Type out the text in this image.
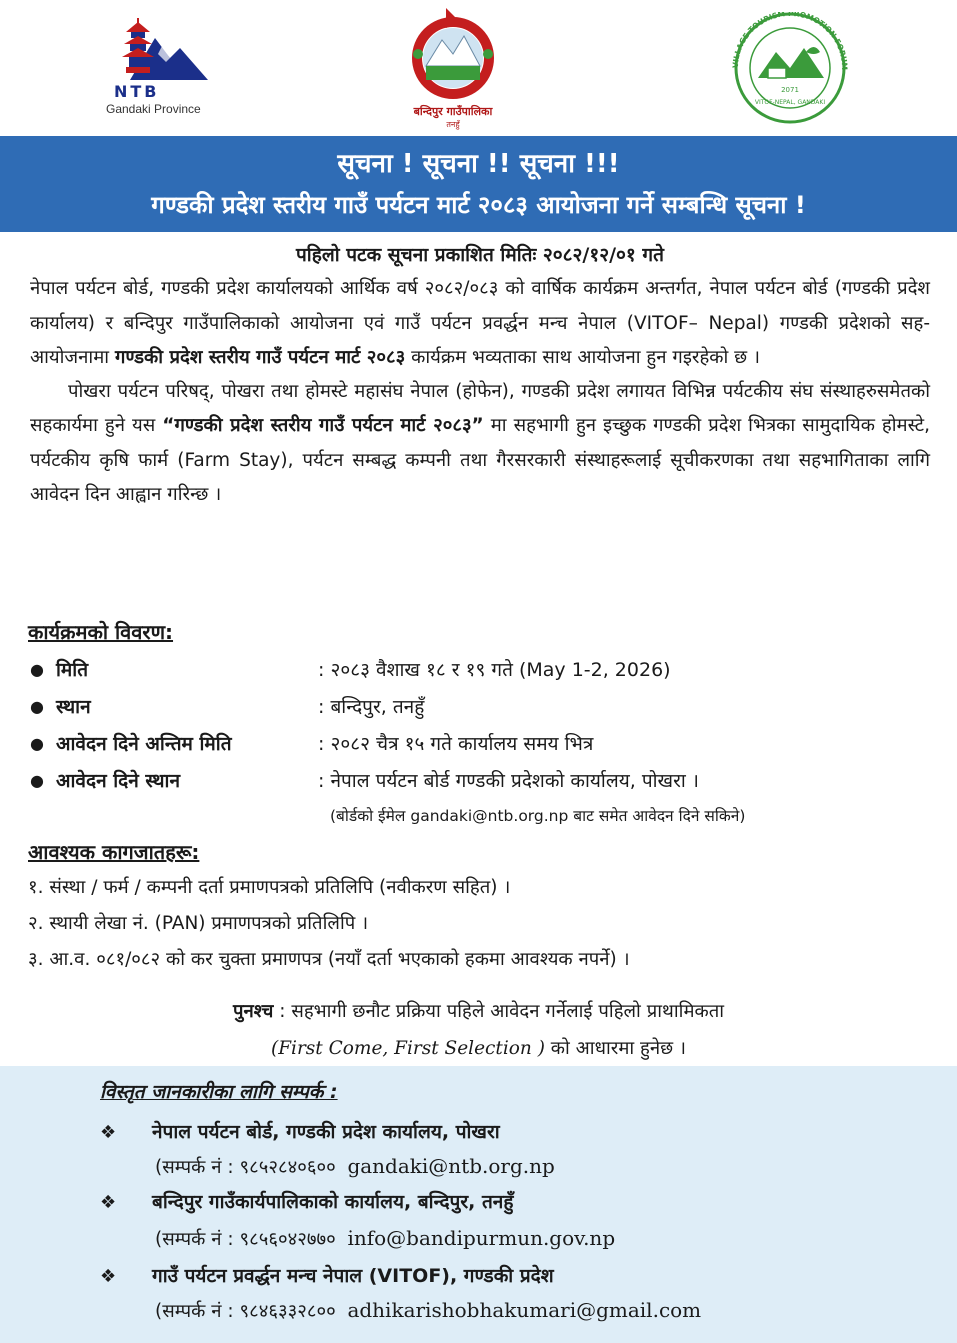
NTB
Gandaki Province	बन्दिपुर गाउँपालिका
तनहुँ
VILLAGE TOURISM PROMOTION FORUM
2071
VITOF-NEPAL, GANDAKI
सूचना ! सूचना !! सूचना !!!
गण्डकी प्रदेश स्तरीय गाउँ पर्यटन मार्ट २०८३ आयोजना गर्ने सम्बन्धि सूचना !
पहिलो पटक सूचना प्रकाशित मितिः २०८२/१२/०१ गते

नेपाल पर्यटन बोर्ड, गण्डकी प्रदेश कार्यालयको आर्थिक वर्ष २०८२/०८३ को वार्षिक कार्यक्रम अन्तर्गत, नेपाल पर्यटन बोर्ड (गण्डकी प्रदेश कार्यालय) र बन्दिपुर गाउँपालिकाको आयोजना एवं गाउँ पर्यटन प्रवर्द्धन मन्च नेपाल (VITOF– Nepal) गण्डकी प्रदेशको सह-आयोजनामा गण्डकी प्रदेश स्तरीय गाउँ पर्यटन मार्ट २०८३ कार्यक्रम भव्यताका साथ आयोजना हुन गइरहेको छ ।

पोखरा पर्यटन परिषद्, पोखरा तथा होमस्टे महासंघ नेपाल (होफेन), गण्डकी प्रदेश लगायत विभिन्न पर्यटकीय संघ संस्थाहरुसमेतको सहकार्यमा हुने यस “गण्डकी प्रदेश स्तरीय गाउँ पर्यटन मार्ट २०८३” मा सहभागी हुन इच्छुक गण्डकी प्रदेश भित्रका सामुदायिक होमस्टे, पर्यटकीय कृषि फार्म (Farm Stay), पर्यटन सम्बद्ध कम्पनी तथा गैरसरकारी संस्थाहरूलाई सूचीकरणका तथा सहभागिताका लागि आवेदन दिन आह्वान गरिन्छ ।

कार्यक्रमको विवरण:
● मिति	: २०८३ वैशाख १८ र १९ गते (May 1-2, 2026)
● स्थान	: बन्दिपुर, तनहुँ
● आवेदन दिने अन्तिम मिति	: २०८२ चैत्र १५ गते कार्यालय समय भित्र
● आवेदन दिने स्थान	: नेपाल पर्यटन बोर्ड गण्डकी प्रदेशको कार्यालय, पोखरा ।
(बोर्डको ईमेल gandaki@ntb.org.np बाट समेत आवेदन दिने सकिने)
आवश्यक कागजातहरू:
१. संस्था / फर्म / कम्पनी दर्ता प्रमाणपत्रको प्रतिलिपि (नवीकरण सहित) ।
२. स्थायी लेखा नं. (PAN) प्रमाणपत्रको प्रतिलिपि ।
३. आ.व. ०८१/०८२ को कर चुक्ता प्रमाणपत्र (नयाँ दर्ता भएकाको हकमा आवश्यक नपर्ने) ।
पुनश्च : सहभागी छनौट प्रक्रिया पहिले आवेदन गर्नेलाई पहिलो प्राथामिकता
(First Come, First Selection ) को आधारमा हुनेछ ।
विस्तृत जानकारीका लागि सम्पर्क :
❖ नेपाल पर्यटन बोर्ड, गण्डकी प्रदेश कार्यालय, पोखरा
(सम्पर्क नं : ९८५२८४०६०० gandaki@ntb.org.np
❖ बन्दिपुर गाउँकार्यपालिकाको कार्यालय, बन्दिपुर, तनहुँ
(सम्पर्क नं : ९८५६०४२७७० info@bandipurmun.gov.np
❖ गाउँ पर्यटन प्रवर्द्धन मन्च नेपाल (VITOF), गण्डकी प्रदेश
(सम्पर्क नं : ९८४६३३२८०० adhikarishobhakumari@gmail.com
